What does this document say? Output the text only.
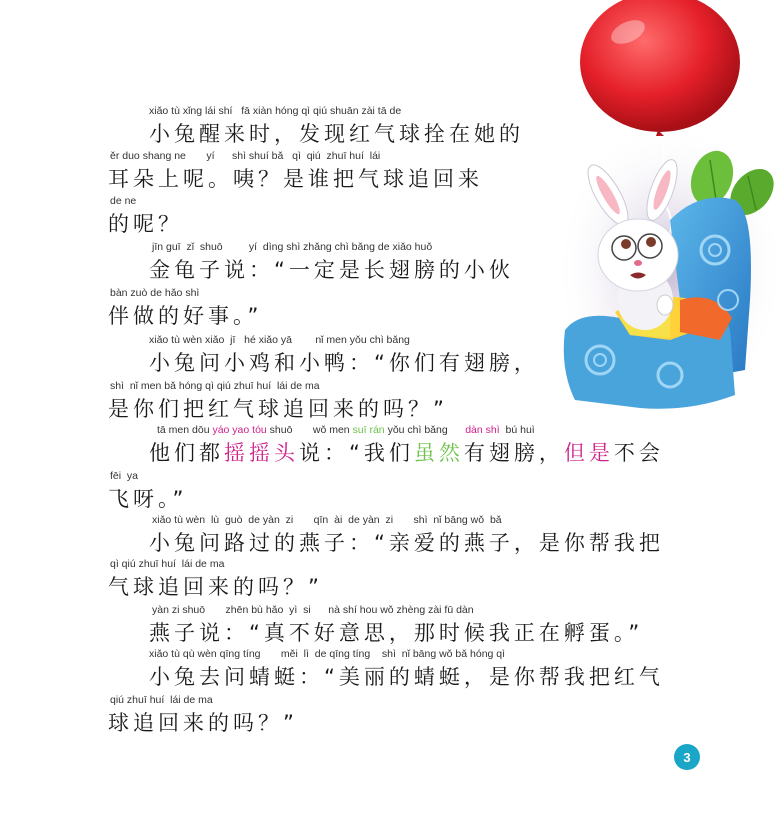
xiǎo tù xǐng lái shí   fā xiàn hóng qì qiú shuān zài tā de
小兔醒来时，发现红气球拴在她的
ěr duo shang ne       yí      shì shuí bǎ   qì  qiú  zhuī huí  lái
耳朵上呢。咦？是谁把气球追回来
de ne
的呢？
jīn guī  zǐ  shuō         yí  dìng shì zhǎng chì bǎng de xiǎo huǒ
金龟子说：“一定是长翅膀的小伙
bàn zuò de hǎo shì
伴做的好事。”
xiǎo tù wèn xiǎo  jī   hé xiǎo yā        nǐ men yǒu chì bǎng
小兔问小鸡和小鸭：“你们有翅膀，
shì  nǐ men bǎ hóng qì qiú zhuī huí  lái de ma
是你们把红气球追回来的吗？”
tā men dōu yáo yao tóu shuō       wǒ men suī rán yǒu chì bǎng      dàn shì  bú huì
他们都摇摇头说：“我们虽然有翅膀，但是不会
fēi  ya
飞呀。”
xiǎo tù wèn  lù  guò  de yàn  zi       qīn  ài  de yàn  zi       shì  nǐ bāng wǒ  bǎ
小兔问路过的燕子：“亲爱的燕子，是你帮我把
qì qiú zhuī huí  lái de ma
气球追回来的吗？”
yàn zi shuō       zhēn bù hǎo  yì  si      nà shí hou wǒ zhèng zài fū dàn
燕子说：“真不好意思，那时候我正在孵蛋。”
xiǎo tù qù wèn qīng tíng       měi  lì  de qīng tíng    shì  nǐ bāng wǒ bǎ hóng qì
小兔去问蜻蜓：“美丽的蜻蜓，是你帮我把红气
qiú zhuī huí  lái de ma
球追回来的吗？”
3
